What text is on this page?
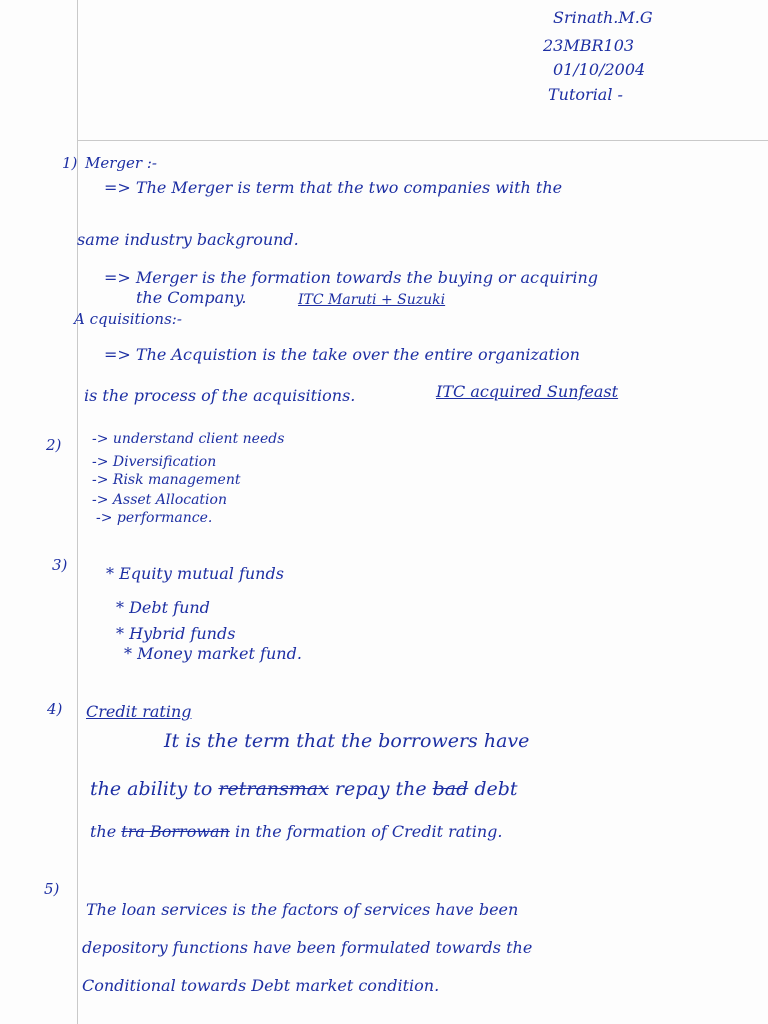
Srinath.M.G
23MBR103
01/10/2004
Tutorial -
1) Merger :-
=> The Merger is term that the two companies with the
same industry background.
=> Merger is the formation towards the buying or acquiring
the Company.	ITC Maruti + Suzuki
A cquisitions:-
=> The Acquistion is the take over the entire organization
is the process of the acquisitions.	ITC acquired Sunfeast
2) -> understand client needs
-> Diversification
-> Risk management
-> Asset Allocation
-> performance.
3) * Equity mutual funds
* Debt fund
* Hybrid funds
* Money market fund.
4) Credit rating
It is the term that the borrowers have
the ability to retransmax repay the bad debt
the tra Borrowan in the formation of Credit rating.
5)
The loan services is the factors of services have been
depository functions have been formulated towards the
Conditional towards Debt market condition.
